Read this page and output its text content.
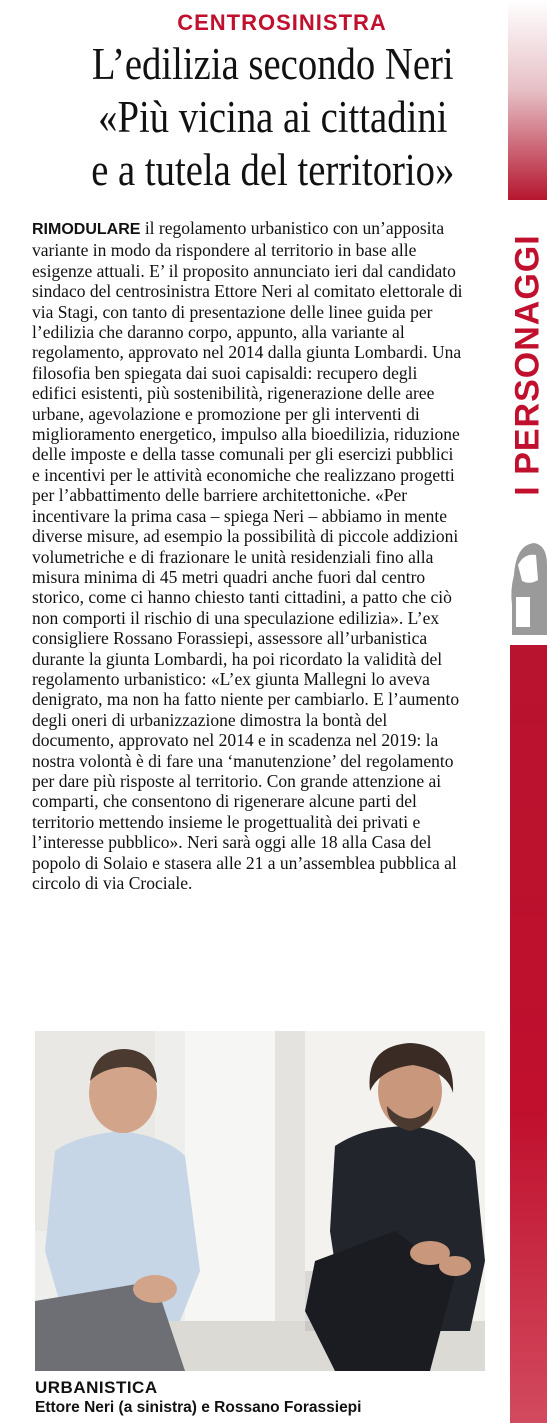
CENTROSINISTRA
L’edilizia secondo Neri
«Più vicina ai cittadini
e a tutela del territorio»
RIMODULARE il regolamento urbanistico con un’apposita variante in modo da rispondere al territorio in base alle esigenze attuali. E’ il proposito annunciato ieri dal candidato sindaco del centrosinistra Ettore Neri al comitato elettorale di via Stagi, con tanto di presentazione delle linee guida per l’edilizia che daranno corpo, appunto, alla variante al regolamento, approvato nel 2014 dalla giunta Lombardi. Una filosofia ben spiegata dai suoi capisaldi: recupero degli edifici esistenti, più sostenibilità, rigenerazione delle aree urbane, agevolazione e promozione per gli interventi di miglioramento energetico, impulso alla bioedilizia, riduzione delle imposte e della tasse comunali per gli esercizi pubblici e incentivi per le attività economiche che realizzano progetti per l’abbattimento delle barriere architettoniche. «Per incentivare la prima casa – spiega Neri – abbiamo in mente diverse misure, ad esempio la possibilità di piccole addizioni volumetriche e di frazionare le unità residenziali fino alla misura minima di 45 metri quadri anche fuori dal centro storico, come ci hanno chiesto tanti cittadini, a patto che ciò non comporti il rischio di una speculazione edilizia». L’ex consigliere Rossano Forassiepi, assessore all’urbanistica durante la giunta Lombardi, ha poi ricordato la validità del regolamento urbanistico: «L’ex giunta Mallegni lo aveva denigrato, ma non ha fatto niente per cambiarlo. E l’aumento degli oneri di urbanizzazione dimostra la bontà del documento, approvato nel 2014 e in scadenza nel 2019: la nostra volontà è di fare una ‘manutenzione’ del regolamento per dare più risposte al territorio. Con grande attenzione ai comparti, che consentono di rigenerare alcune parti del territorio mettendo insieme le progettualità dei privati e l’interesse pubblico». Neri sarà oggi alle 18 alla Casa del popolo di Solaio e stasera alle 21 a un’assemblea pubblica al circolo di via Crociale.
URBANISTICA
Ettore Neri (a sinistra) e Rossano Forassiepi
I PERSONAGGI
